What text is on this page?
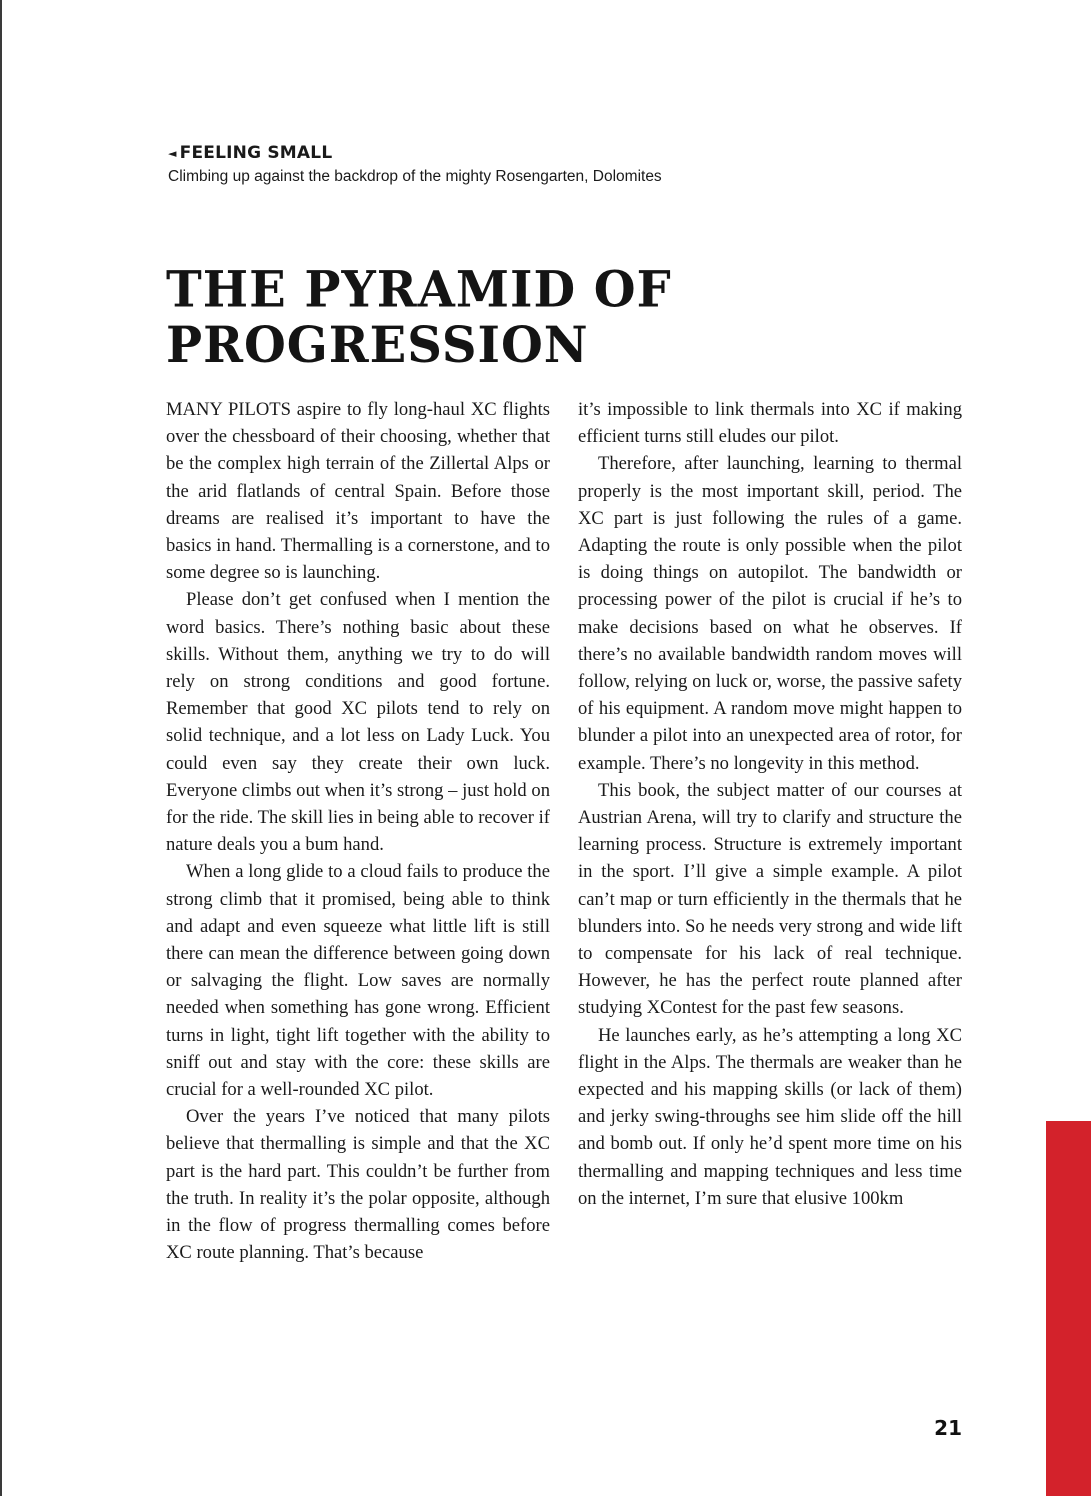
◄ FEELING SMALL
Climbing up against the backdrop of the mighty Rosengarten, Dolomites
THE PYRAMID OF
PROGRESSION

MANY PILOTS aspire to fly long-haul XC flights over the chessboard of their choosing, whether that be the complex high terrain of the Zillertal Alps or the arid flatlands of central Spain. Before those dreams are realised it’s important to have the basics in hand. Thermalling is a cornerstone, and to some degree so is launching.

Please don’t get confused when I mention the word basics. There’s nothing basic about these skills. Without them, anything we try to do will rely on strong conditions and good fortune. Remember that good XC pilots tend to rely on solid technique, and a lot less on Lady Luck. You could even say they create their own luck. Everyone climbs out when it’s strong – just hold on for the ride. The skill lies in being able to recover if nature deals you a bum hand.

When a long glide to a cloud fails to produce the strong climb that it promised, being able to think and adapt and even squeeze what little lift is still there can mean the difference between going down or salvaging the flight. Low saves are normally needed when something has gone wrong. Efficient turns in light, tight lift together with the ability to sniff out and stay with the core: these skills are crucial for a well-rounded XC pilot.

Over the years I’ve noticed that many pilots believe that thermalling is simple and that the XC part is the hard part. This couldn’t be further from the truth. In reality it’s the polar opposite, although in the flow of progress thermalling comes before XC route planning. That’s because

it’s impossible to link thermals into XC if making efficient turns still eludes our pilot.

Therefore, after launching, learning to thermal properly is the most important skill, period. The XC part is just following the rules of a game. Adapting the route is only possible when the pilot is doing things on autopilot. The bandwidth or processing power of the pilot is crucial if he’s to make decisions based on what he observes. If there’s no available bandwidth random moves will follow, relying on luck or, worse, the passive safety of his equipment. A random move might happen to blunder a pilot into an unexpected area of rotor, for example. There’s no longevity in this method.

This book, the subject matter of our courses at Austrian Arena, will try to clarify and structure the learning process. Structure is extremely important in the sport. I’ll give a simple example. A pilot can’t map or turn efficiently in the thermals that he blunders into. So he needs very strong and wide lift to compensate for his lack of real technique. However, he has the perfect route planned after studying XContest for the past few seasons.

He launches early, as he’s attempting a long XC flight in the Alps. The thermals are weaker than he expected and his mapping skills (or lack of them) and jerky swing-throughs see him slide off the hill and bomb out. If only he’d spent more time on his thermalling and mapping techniques and less time on the internet, I’m sure that elusive 100km

21
